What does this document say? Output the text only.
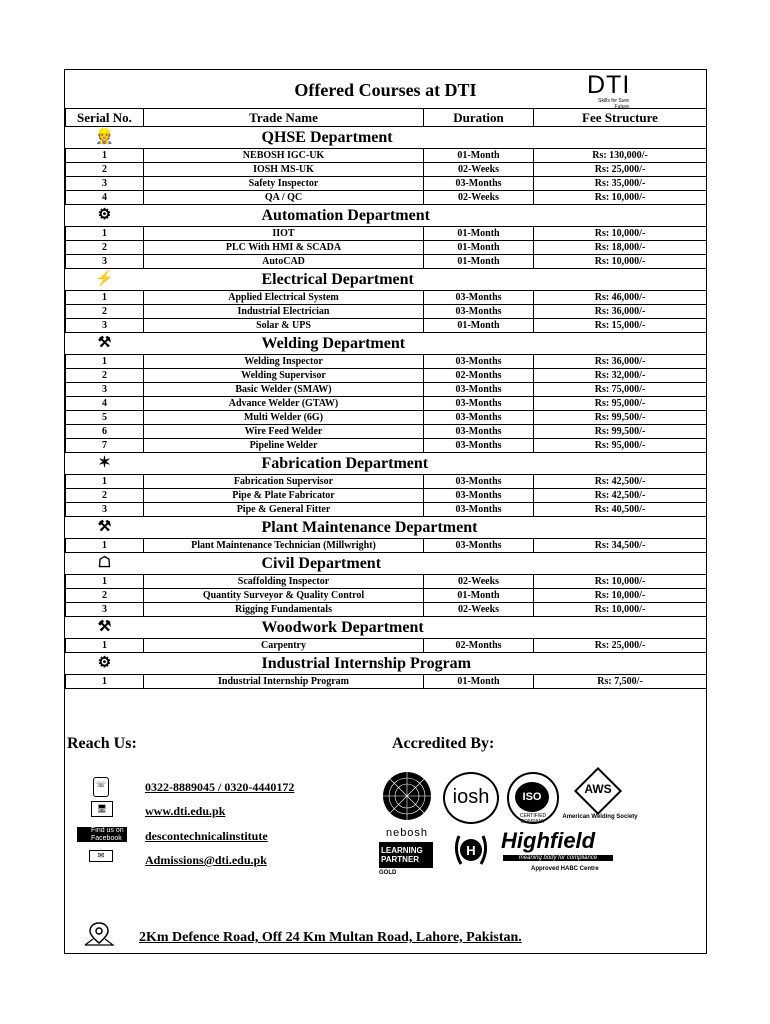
Offered Courses at DTI	DTI
Skills for Sure Future
Serial No.	Trade Name	Duration	Fee Structure
👷	QHSE Department		
1	NEBOSH IGC-UK	01-Month	Rs: 130,000/-
2	IOSH MS-UK	02-Weeks	Rs: 25,000/-
3	Safety Inspector	03-Months	Rs: 35,000/-
4	QA / QC	02-Weeks	Rs: 10,000/-
⚙	Automation Department		
1	IIOT	01-Month	Rs: 10,000/-
2	PLC With HMI & SCADA	01-Month	Rs: 18,000/-
3	AutoCAD	01-Month	Rs: 10,000/-
⚡	Electrical Department		
1	Applied Electrical System	03-Months	Rs: 46,000/-
2	Industrial Electrician	03-Months	Rs: 36,000/-
3	Solar & UPS	01-Month	Rs: 15,000/-
⚒	Welding Department		
1	Welding Inspector	03-Months	Rs: 36,000/-
2	Welding Supervisor	02-Months	Rs: 32,000/-
3	Basic Welder (SMAW)	03-Months	Rs: 75,000/-
4	Advance Welder (GTAW)	03-Months	Rs: 95,000/-
5	Multi Welder (6G)	03-Months	Rs: 99,500/-
6	Wire Feed Welder	03-Months	Rs: 99,500/-
7	Pipeline Welder	03-Months	Rs: 95,000/-
✶	Fabrication Department		
1	Fabrication Supervisor	03-Months	Rs: 42,500/-
2	Pipe & Plate Fabricator	03-Months	Rs: 42,500/-
3	Pipe & General Fitter	03-Months	Rs: 40,500/-
⚒	Plant Maintenance Department		
1	Plant Maintenance Technician (Millwright)	03-Months	Rs: 34,500/-
☖	Civil Department		
1	Scaffolding Inspector	02-Weeks	Rs: 10,000/-
2	Quantity Surveyor & Quality Control	01-Month	Rs: 10,000/-
3	Rigging Fundamentals	02-Weeks	Rs: 10,000/-
⚒	Woodwork Department		
1	Carpentry	02-Months	Rs: 25,000/-
⚙	Industrial Internship Program		
1	Industrial Internship Program	01-Month	Rs: 7,500/-
Reach Us:
☏	0322-8889045 / 0320-4440172
🖥	www.dti.edu.pk
Find us on Facebook	descontechnicalinstitute
✉	Admissions@dti.edu.pk
Accredited By:
nebosh
LEARNING PARTNER
GOLD
iosh	ISO
CERTIFIED COMPANY
AWS
American Welding Society
H Highfield
meaning body for compliance
Approved HABC Centre
2Km Defence Road, Off 24 Km Multan Road, Lahore, Pakistan.
